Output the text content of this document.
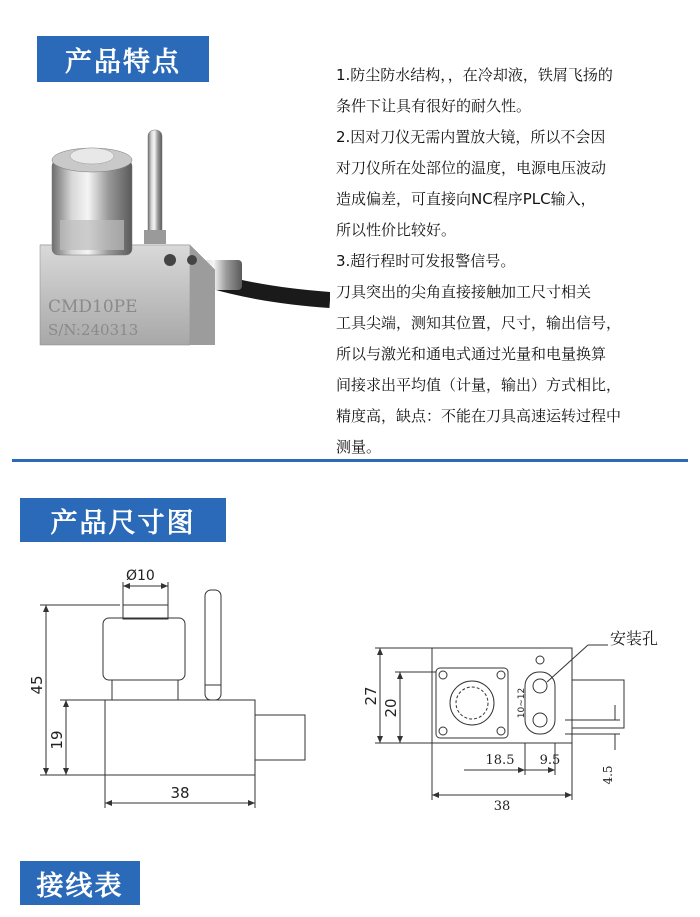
产品特点
产品尺寸图
接线表
CMD10PE
S/N:240313

1.防尘防水结构，，在冷却液，铁屑飞扬的

条件下让具有很好的耐久性。

2.因对刀仪无需内置放大镜，所以不会因

对刀仪所在处部位的温度，电源电压波动

造成偏差，可直接向NC程序PLC输入，

所以性价比较好。

3.超行程时可发报警信号。

刀具突出的尖角直接接触加工尺寸相关

工具尖端，测知其位置，尺寸，输出信号，

所以与激光和通电式通过光量和电量换算

间接求出平均值（计量，输出）方式相比，

精度高，缺点：不能在刀具高速运转过程中

测量。

Ø10
45
19
38
安装孔
27
20	10~12
18.5 9.5
4.5
38
